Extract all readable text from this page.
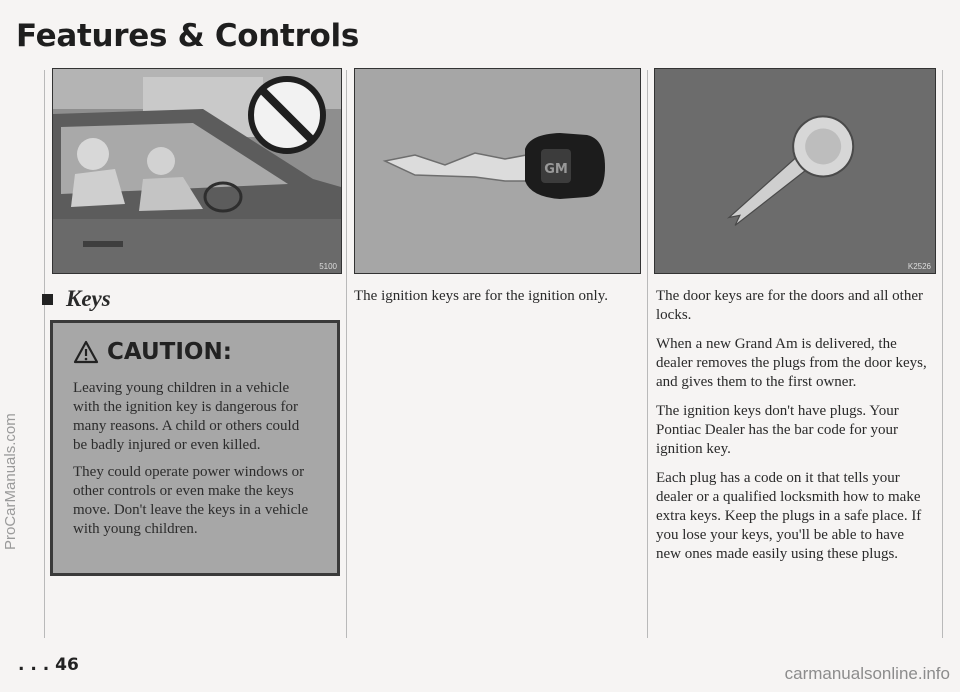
Features & Controls
ProCarManuals.com
5100
GM
K2526
Keys
CAUTION:

Leaving young children in a vehicle with the ignition key is dangerous for many reasons. A child or others could be badly injured or even killed.

They could operate power windows or other controls or even make the keys move. Don't leave the keys in a vehicle with young children.

The ignition keys are for the ignition only.	The door keys are for the doors and all other locks.

When a new Grand Am is delivered, the dealer removes the plugs from the door keys, and gives them to the first owner.

The ignition keys don't have plugs. Your Pontiac Dealer has the bar code for your ignition key.

Each plug has a code on it that tells your dealer or a qualified locksmith how to make extra keys. Keep the plugs in a safe place. If you lose your keys, you'll be able to have new ones made easily using these plugs.

. . . 46	carmanualsonline.info
